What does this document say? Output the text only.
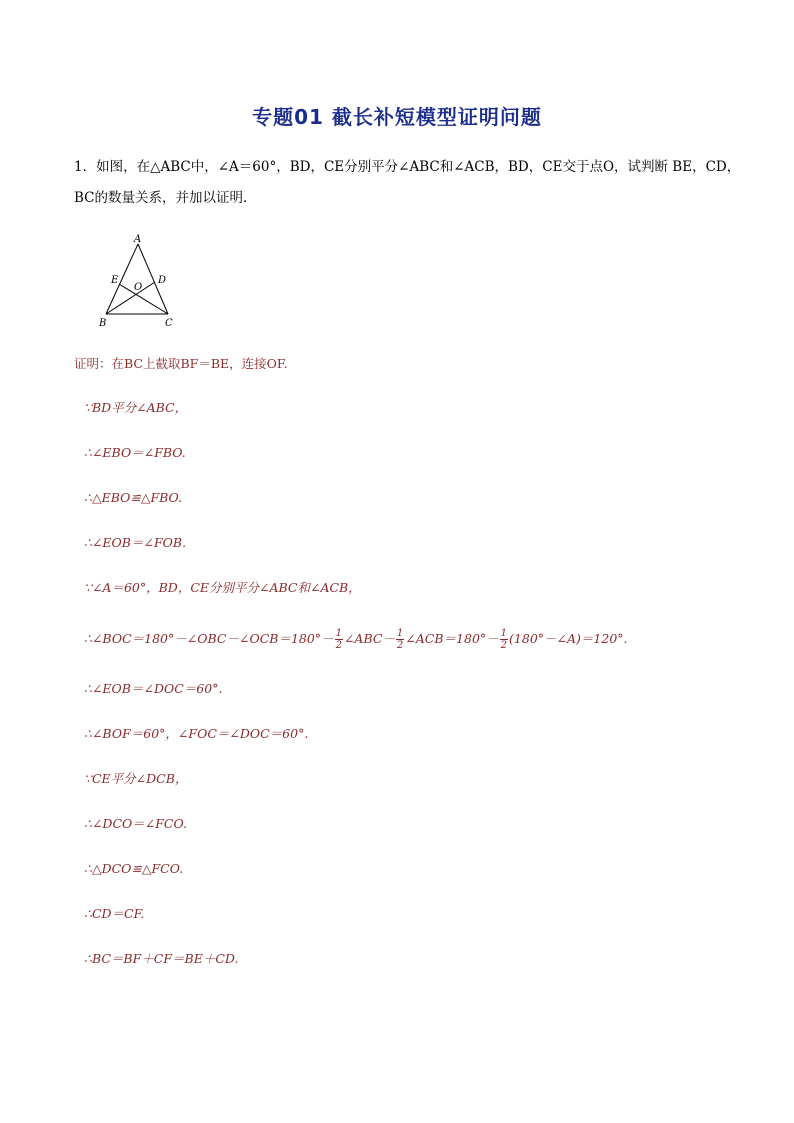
专题01 截长补短模型证明问题
1．如图，在△ABC中，∠A＝60°，BD，CE分别平分∠ABC和∠ACB，BD，CE交于点O，试判断 BE，CD，
BC的数量关系，并加以证明．
A
B	C
D
E
O
证明：在BC上截取BF＝BE，连接OF.
∵BD平分∠ABC，
∴∠EBO＝∠FBO.
∴△EBO≌△FBO.
∴∠EOB＝∠FOB.
∵∠A＝60°，BD，CE分别平分∠ABC和∠ACB，
∴∠BOC＝180°－∠OBC－∠OCB＝180°－ $\frac{1}{2}$ ∠ABC－ $\frac{1}{2}$ ∠ACB＝180°－ $\frac{1}{2}$ (180°－∠A)＝120°.
∴∠EOB＝∠DOC＝60°.
∴∠BOF＝60°，∠FOC＝∠DOC＝60°.
∵CE平分∠DCB，
∴∠DCO＝∠FCO.
∴△DCO≌△FCO.
∴CD＝CF.
∴BC＝BF＋CF＝BE＋CD.
